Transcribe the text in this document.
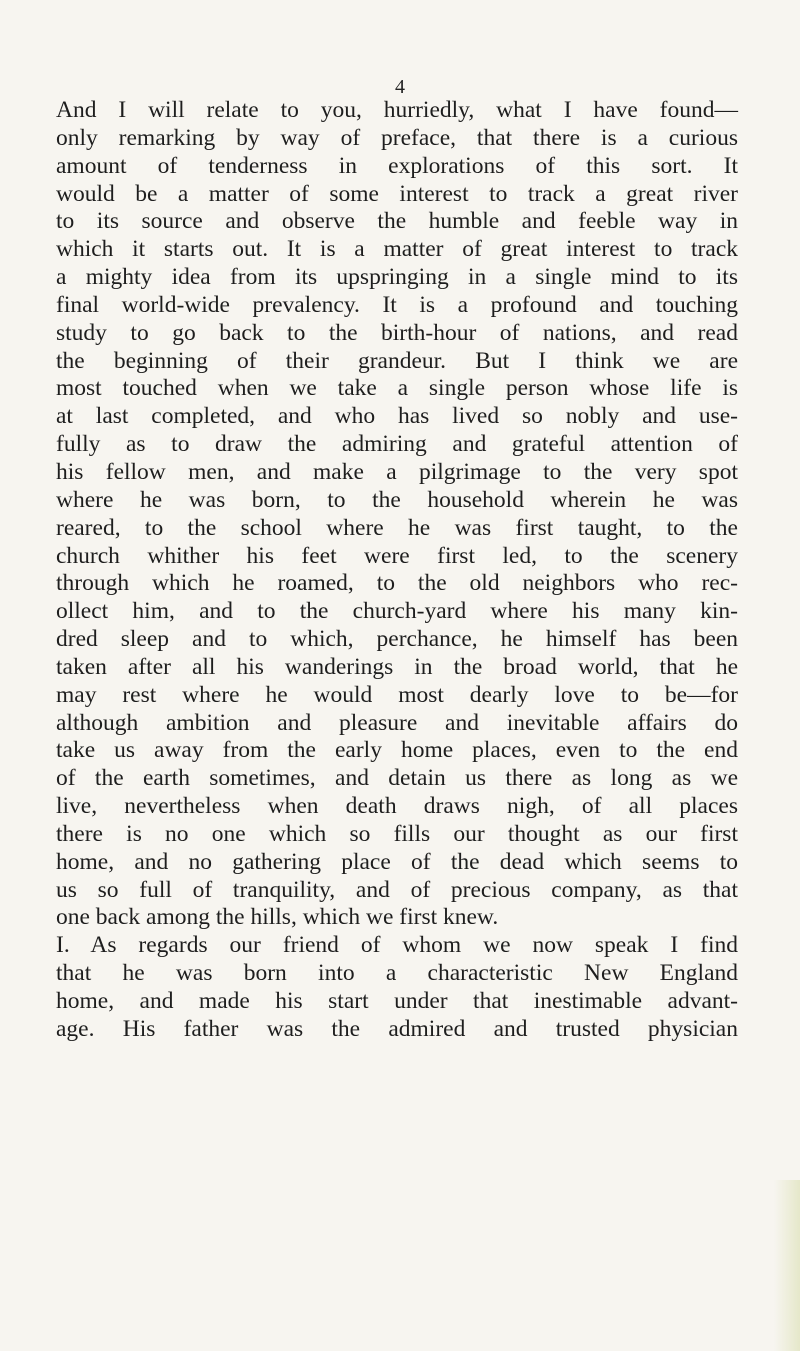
4
And I will relate to you, hurriedly, what I have found—
only remarking by way of preface, that there is a curious
amount of tenderness in explorations of this sort. It
would be a matter of some interest to track a great river
to its source and observe the humble and feeble way in
which it starts out. It is a matter of great interest to track
a mighty idea from its upspringing in a single mind to its
final world-wide prevalency. It is a profound and touching
study to go back to the birth-hour of nations, and read
the beginning of their grandeur. But I think we are
most touched when we take a single person whose life is
at last completed, and who has lived so nobly and use-
fully as to draw the admiring and grateful attention of
his fellow men, and make a pilgrimage to the very spot
where he was born, to the household wherein he was
reared, to the school where he was first taught, to the
church whither his feet were first led, to the scenery
through which he roamed, to the old neighbors who rec-
ollect him, and to the church-yard where his many kin-
dred sleep and to which, perchance, he himself has been
taken after all his wanderings in the broad world, that he
may rest where he would most dearly love to be—for
although ambition and pleasure and inevitable affairs do
take us away from the early home places, even to the end
of the earth sometimes, and detain us there as long as we
live, nevertheless when death draws nigh, of all places
there is no one which so fills our thought as our first
home, and no gathering place of the dead which seems to
us so full of tranquility, and of precious company, as that
one back among the hills, which we first knew.
I. As regards our friend of whom we now speak I find
that he was born into a characteristic New England
home, and made his start under that inestimable advant-
age. His father was the admired and trusted physician
